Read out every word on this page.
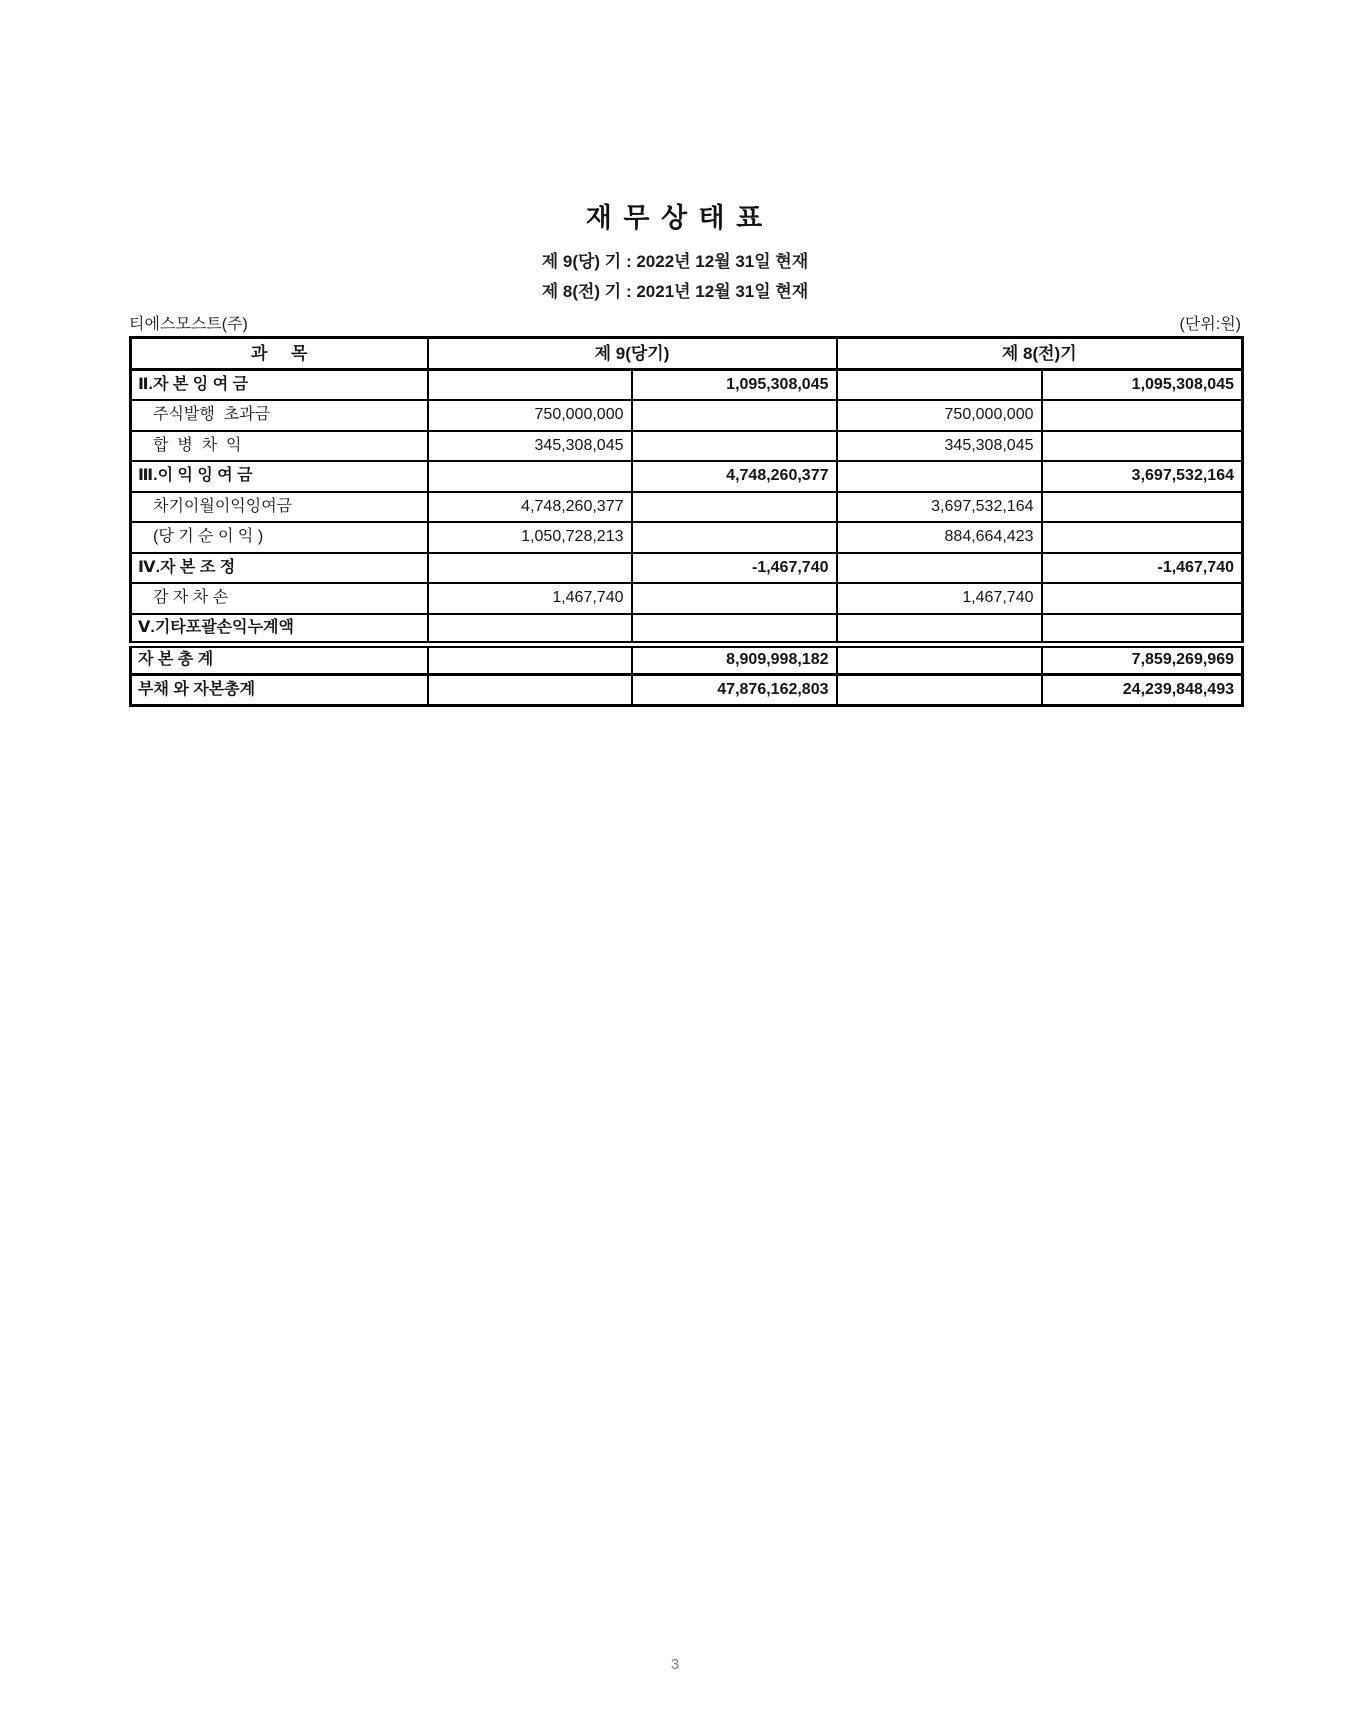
재 무 상 태 표
제 9(당) 기 : 2022년 12월 31일 현재
제 8(전) 기 : 2021년 12월 31일 현재
티에스모스트(주)	(단위:원)
과     목	제 9(당기)		제 8(전)기	
Ⅱ.자 본 잉 여 금		1,095,308,045		1,095,308,045
주식발행  초과금	750,000,000		750,000,000	
합  병  차  익	345,308,045		345,308,045	
Ⅲ.이 익 잉 여 금		4,748,260,377		3,697,532,164
차기이월이익잉여금	4,748,260,377		3,697,532,164	
(당 기 순 이 익 )	1,050,728,213		884,664,423	
Ⅳ.자 본 조 정		-1,467,740		-1,467,740
감 자 차 손	1,467,740		1,467,740	
Ⅴ.기타포괄손익누계액				
자 본 총 계		8,909,998,182		7,859,269,969
부채 와 자본총계		47,876,162,803		24,239,848,493
3
